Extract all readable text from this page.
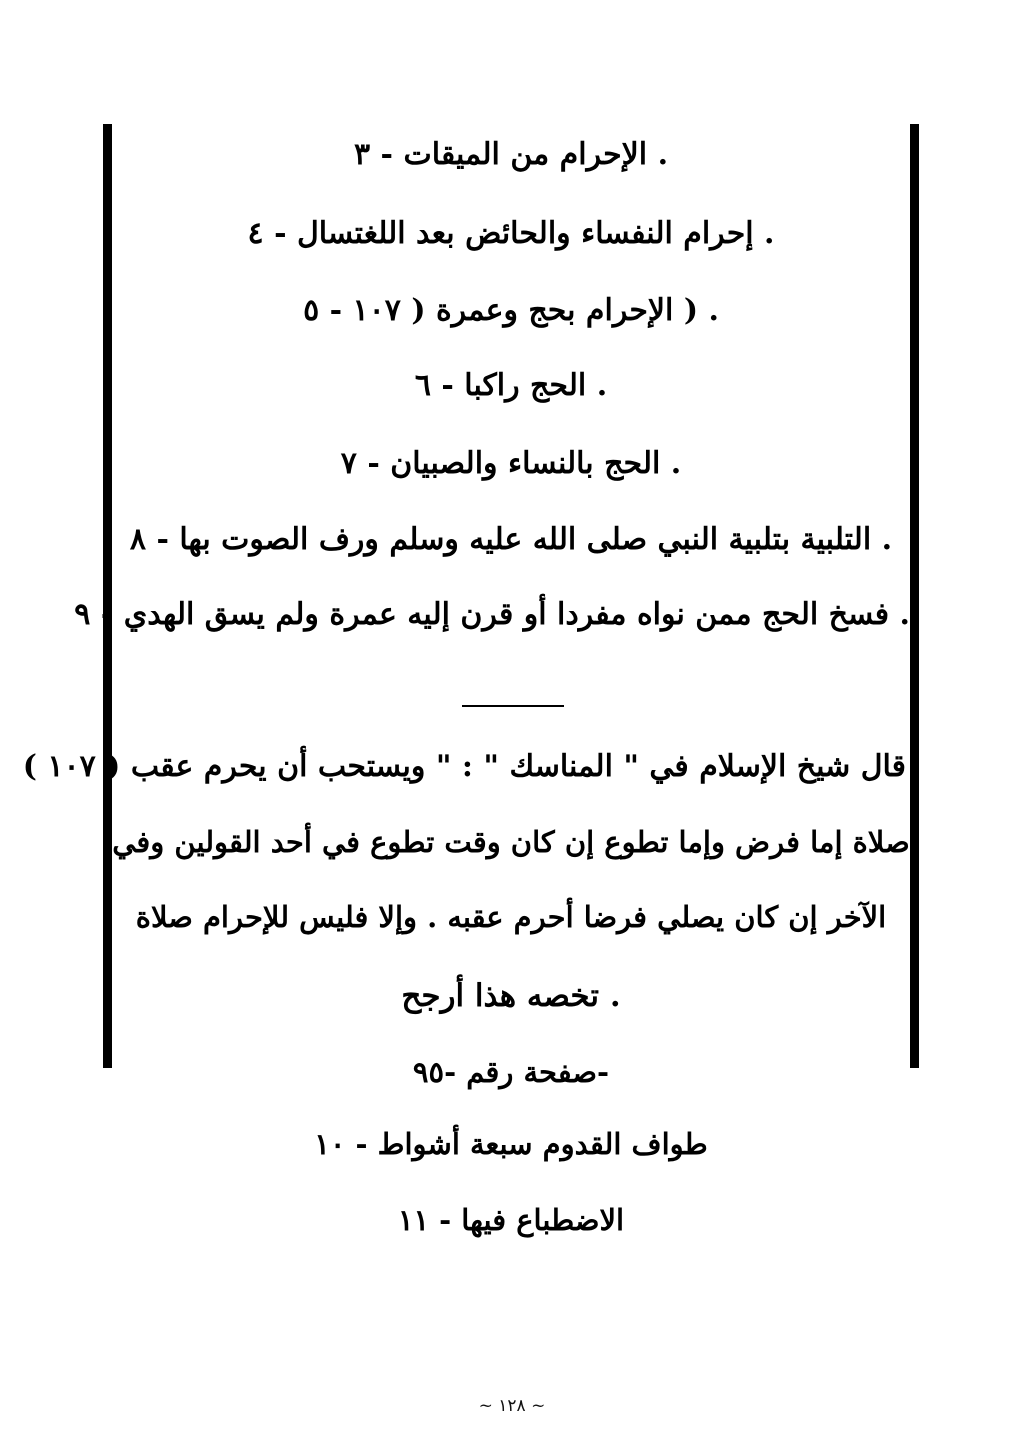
. الإحرام من الميقات - ٣
. إحرام النفساء والحائض بعد اللغتسال - ٤
. ( الإحرام بحج وعمرة ( ١٠٧ - ٥
. الحج راكبا - ٦
. الحج بالنساء والصبيان - ٧
. التلبية بتلبية النبي صلى الله عليه وسلم ورف الصوت بها - ٨
. فسخ الحج ممن نواه مفردا أو قرن إليه عمرة ولم يسق الهدي - ٩
قال شيخ الإسلام في " المناسك " : " ويستحب أن يحرم عقب ( ١٠٧ )
صلاة إما فرض وإما تطوع إن كان وقت تطوع في أحد القولين وفي
الآخر إن كان يصلي فرضا أحرم عقبه . وإلا فليس للإحرام صلاة
. تخصه هذا أرجح
-صفحة رقم -٩٥
طواف القدوم سبعة أشواط - ١٠
الاضطباع فيها - ١١
~ ١٢٨ ~
